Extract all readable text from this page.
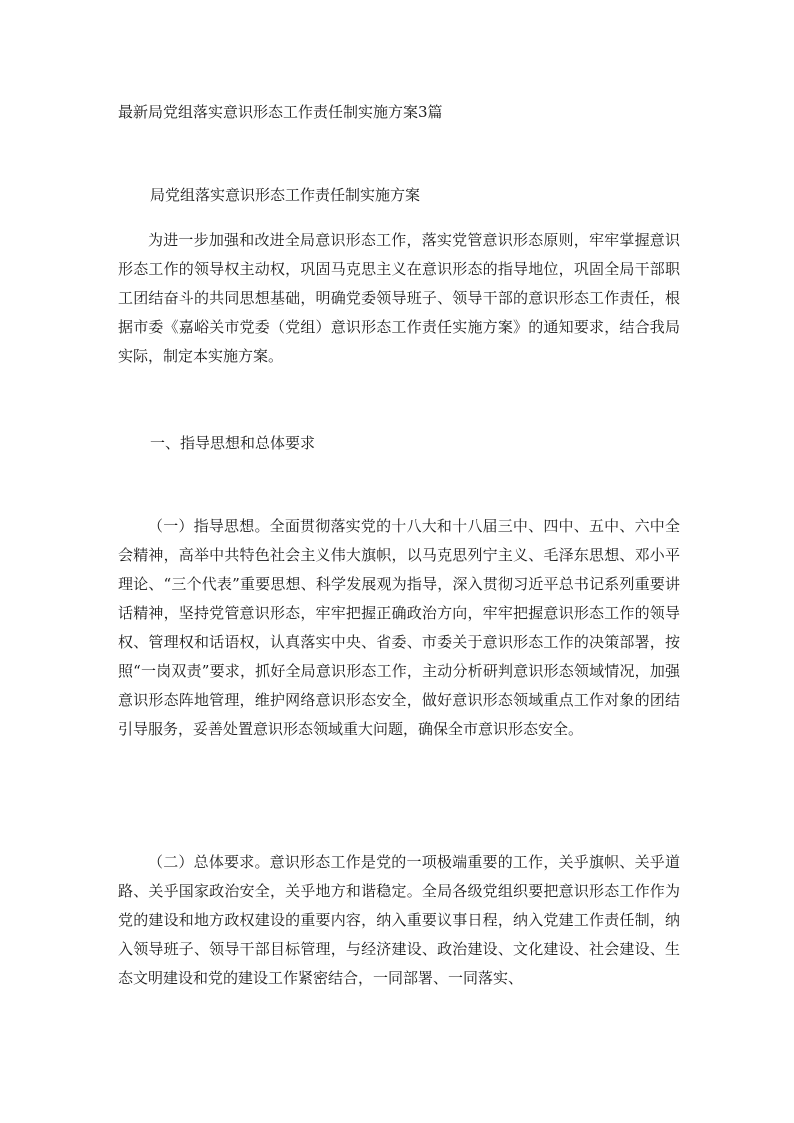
最新局党组落实意识形态工作责任制实施方案3篇
局党组落实意识形态工作责任制实施方案

为进一步加强和改进全局意识形态工作，落实党管意识形态原则，牢牢掌握意识形态工作的领导权主动权，巩固马克思主义在意识形态的指导地位，巩固全局干部职工团结奋斗的共同思想基础，明确党委领导班子、领导干部的意识形态工作责任，根据市委《嘉峪关市党委（党组）意识形态工作责任实施方案》的通知要求，结合我局实际，制定本实施方案。

一、指导思想和总体要求

（一）指导思想。全面贯彻落实党的十八大和十八届三中、四中、五中、六中全会精神，高举中共特色社会主义伟大旗帜，以马克思列宁主义、毛泽东思想、邓小平理论、“三个代表”重要思想、科学发展观为指导，深入贯彻习近平总书记系列重要讲话精神，坚持党管意识形态，牢牢把握正确政治方向，牢牢把握意识形态工作的领导权、管理权和话语权，认真落实中央、省委、市委关于意识形态工作的决策部署，按照“一岗双责”要求，抓好全局意识形态工作，主动分析研判意识形态领域情况，加强意识形态阵地管理，维护网络意识形态安全，做好意识形态领域重点工作对象的团结引导服务，妥善处置意识形态领域重大问题，确保全市意识形态安全。

（二）总体要求。意识形态工作是党的一项极端重要的工作，关乎旗帜、关乎道路、关乎国家政治安全，关乎地方和谐稳定。全局各级党组织要把意识形态工作作为党的建设和地方政权建设的重要内容，纳入重要议事日程，纳入党建工作责任制，纳入领导班子、领导干部目标管理，与经济建设、政治建设、文化建设、社会建设、生态文明建设和党的建设工作紧密结合，一同部署、一同落实、
